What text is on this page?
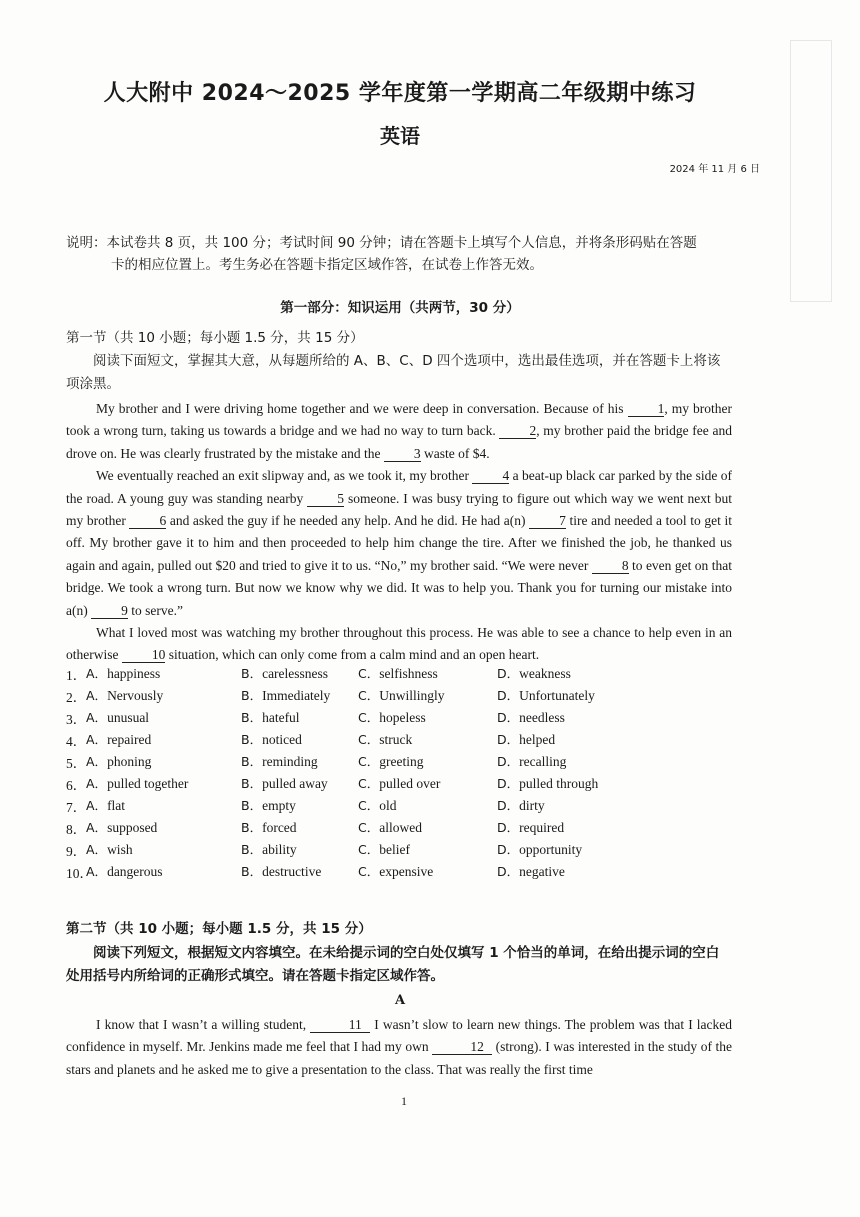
人大附中 2024～2025 学年度第一学期高二年级期中练习
英语
2024 年 11 月 6 日
说明：本试卷共 8 页，共 100 分；考试时间 90 分钟；请在答题卡上填写个人信息，并将条形码贴在答题
卡的相应位置上。考生务必在答题卡指定区域作答，在试卷上作答无效。
第一部分：知识运用（共两节，30 分）
第一节（共 10 小题；每小题 1.5 分，共 15 分）
阅读下面短文，掌握其大意，从每题所给的 A、B、C、D 四个选项中，选出最佳选项，并在答题卡上将该项涂黑。

My brother and I were driving home together and we were deep in conversation. Because of his 1, my brother took a wrong turn, taking us towards a bridge and we had no way to turn back. 2, my brother paid the bridge fee and drove on. He was clearly frustrated by the mistake and the 3 waste of $4.

We eventually reached an exit slipway and, as we took it, my brother 4 a beat-up black car parked by the side of the road. A young guy was standing nearby 5 someone. I was busy trying to figure out which way we went next but my brother 6 and asked the guy if he needed any help. And he did. He had a(n) 7 tire and needed a tool to get it off. My brother gave it to him and then proceeded to help him change the tire. After we finished the job, he thanked us again and again, pulled out $20 and tried to give it to us. “No,” my brother said. “We were never 8 to even get on that bridge. We took a wrong turn. But now we know why we did. It was to help you. Thank you for turning our mistake into a(n) 9 to serve.”

What I loved most was watching my brother throughout this process. He was able to see a chance to help even in an otherwise 10 situation, which can only come from a calm mind and an open heart.

1． A．happiness	B．carelessness C．selfishness	D．weakness
2． A．Nervously	B．Immediately C．Unwillingly	D．Unfortunately
3． A．unusual	B．hateful	C．hopeless	D．needless
4． A．repaired	B．noticed	C．struck	D．helped
5． A．phoning	B．reminding	C．greeting	D．recalling
6． A．pulled together	B．pulled away C．pulled over	D．pulled through
7． A．flat	B．empty	C．old	D．dirty
8． A．supposed	B．forced	C．allowed	D．required
9． A．wish	B．ability	C．belief	D．opportunity
10．
A．dangerous	B．destructive	C．expensive	D．negative
第二节（共 10 小题；每小题 1.5 分，共 15 分）
阅读下列短文，根据短文内容填空。在未给提示词的空白处仅填写 1 个恰当的单词，在给出提示词的空白处用括号内所给词的正确形式填空。请在答题卡指定区域作答。
A

I know that I wasn’t a willing student,	11 I wasn’t slow to learn new things. The problem was that I lacked confidence in myself. Mr. Jenkins made me feel that I had my own	12 (strong). I was interested in the study of the stars and planets and he asked me to give a presentation to the class. That was really the first time

1
